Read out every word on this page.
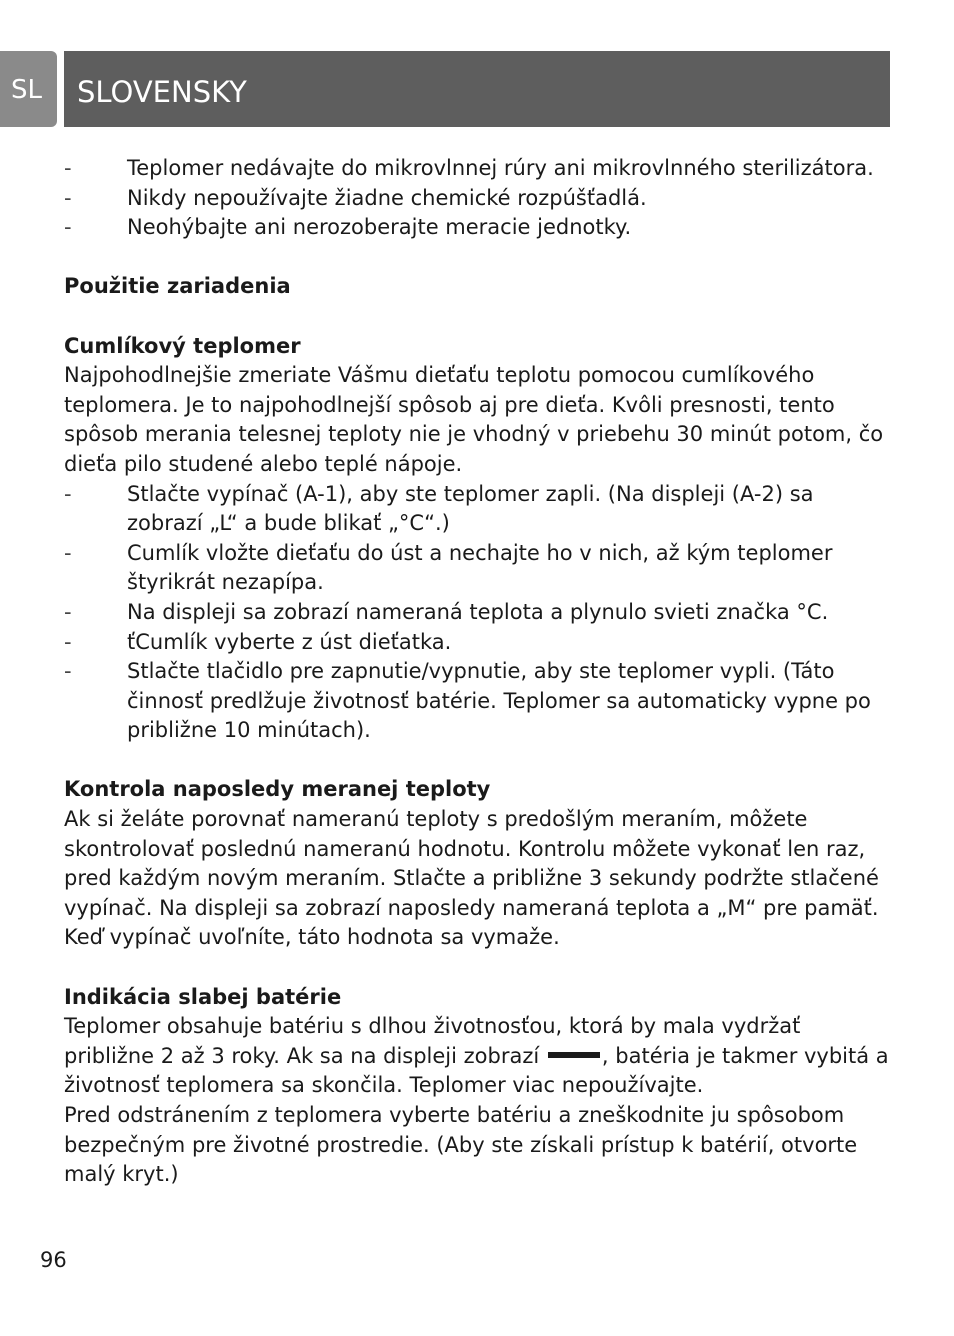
SL	SLOVENSKY
-	Teplomer nedávajte do mikrovlnnej rúry ani mikrovlnného sterilizátora.
-	Nikdy nepoužívajte žiadne chemické rozpúšťadlá.
-	Neohýbajte ani nerozoberajte meracie jednotky.
Použitie zariadenia
Cumlíkový teplomer

Najpohodlnejšie zmeriate Vášmu dieťaťu teplotu pomocou cumlíkového teplomera. Je to najpohodlnejší spôsob aj pre dieťa. Kvôli presnosti, tento spôsob merania telesnej teploty nie je vhodný v priebehu 30 minút potom, čo dieťa pilo studené alebo teplé nápoje.

-	Stlačte vypínač (A-1), aby ste teplomer zapli. (Na displeji (A-2) sa zobrazí „L“ a bude blikať „°C“.)
-	Cumlík vložte dieťaťu do úst a nechajte ho v nich, až kým teplomer štyrikrát nezapípa.
-	Na displeji sa zobrazí nameraná teplota a plynulo svieti značka °C.
-	ťCumlík vyberte z úst dieťatka.
-	Stlačte tlačidlo pre zapnutie/vypnutie, aby ste teplomer vypli. (Táto činnosť predlžuje životnosť batérie. Teplomer sa automaticky vypne po približne 10 minútach).
Kontrola naposledy meranej teploty

Ak si želáte porovnať nameranú teploty s predošlým meraním, môžete skontrolovať poslednú nameranú hodnotu. Kontrolu môžete vykonať len raz, pred každým novým meraním. Stlačte a približne 3 sekundy podržte stlačené vypínač. Na displeji sa zobrazí naposledy nameraná teplota a „M“ pre pamäť. Keď vypínač uvoľníte, táto hodnota sa vymaže.

Indikácia slabej batérie

Teplomer obsahuje batériu s dlhou životnosťou, ktorá by mala vydržať približne 2 až 3 roky. Ak sa na displeji zobrazí	, batéria je takmer vybitá a životnosť teplomera sa skončila. Teplomer viac nepoužívajte.

Pred odstránením z teplomera vyberte batériu a zneškodnite ju spôsobom bezpečným pre životné prostredie. (Aby ste získali prístup k batérií, otvorte malý kryt.)

96
